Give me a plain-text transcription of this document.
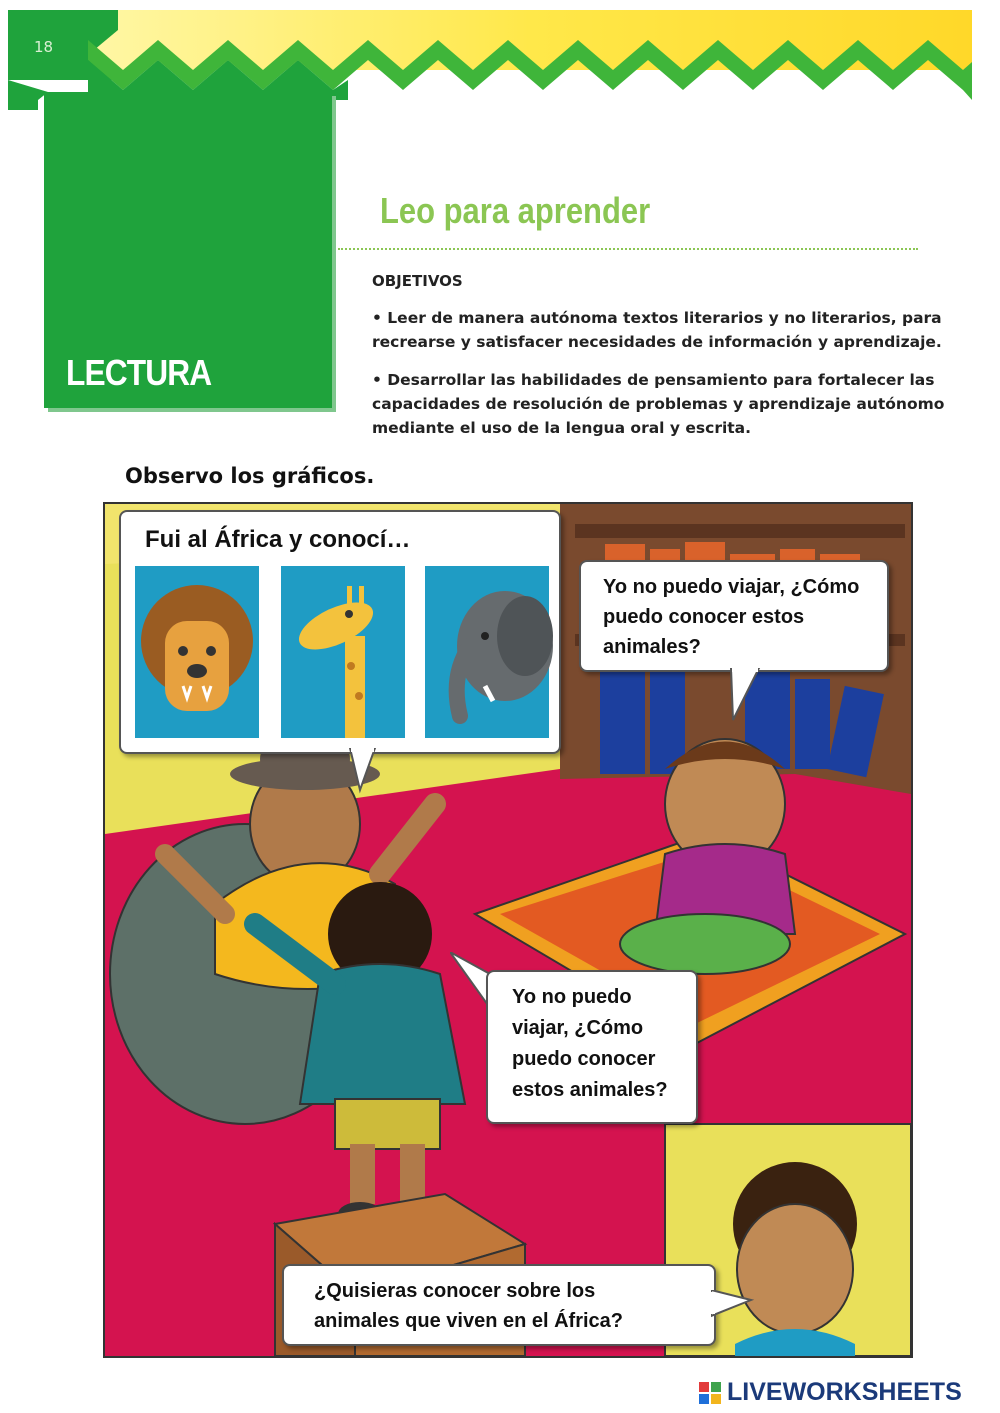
18
LECTURA
Leo para aprender
OBJETIVOS

• Leer de manera autónoma textos literarios y no literarios, para recrearse y satisfacer necesidades de información y aprendizaje.

• Desarrollar las habilidades de pensamiento para fortalecer las capacidades de resolución de problemas y aprendizaje autónomo mediante el uso de la lengua oral y escrita.

Observo los gráficos.

Fui al África y conocí…

Yo no puedo viajar, ¿Cómo puedo conocer estos animales?

Yo no puedo viajar, ¿Cómo puedo conocer estos animales?

¿Quisieras conocer sobre los animales que viven en el África?

LIVEWORKSHEETS
